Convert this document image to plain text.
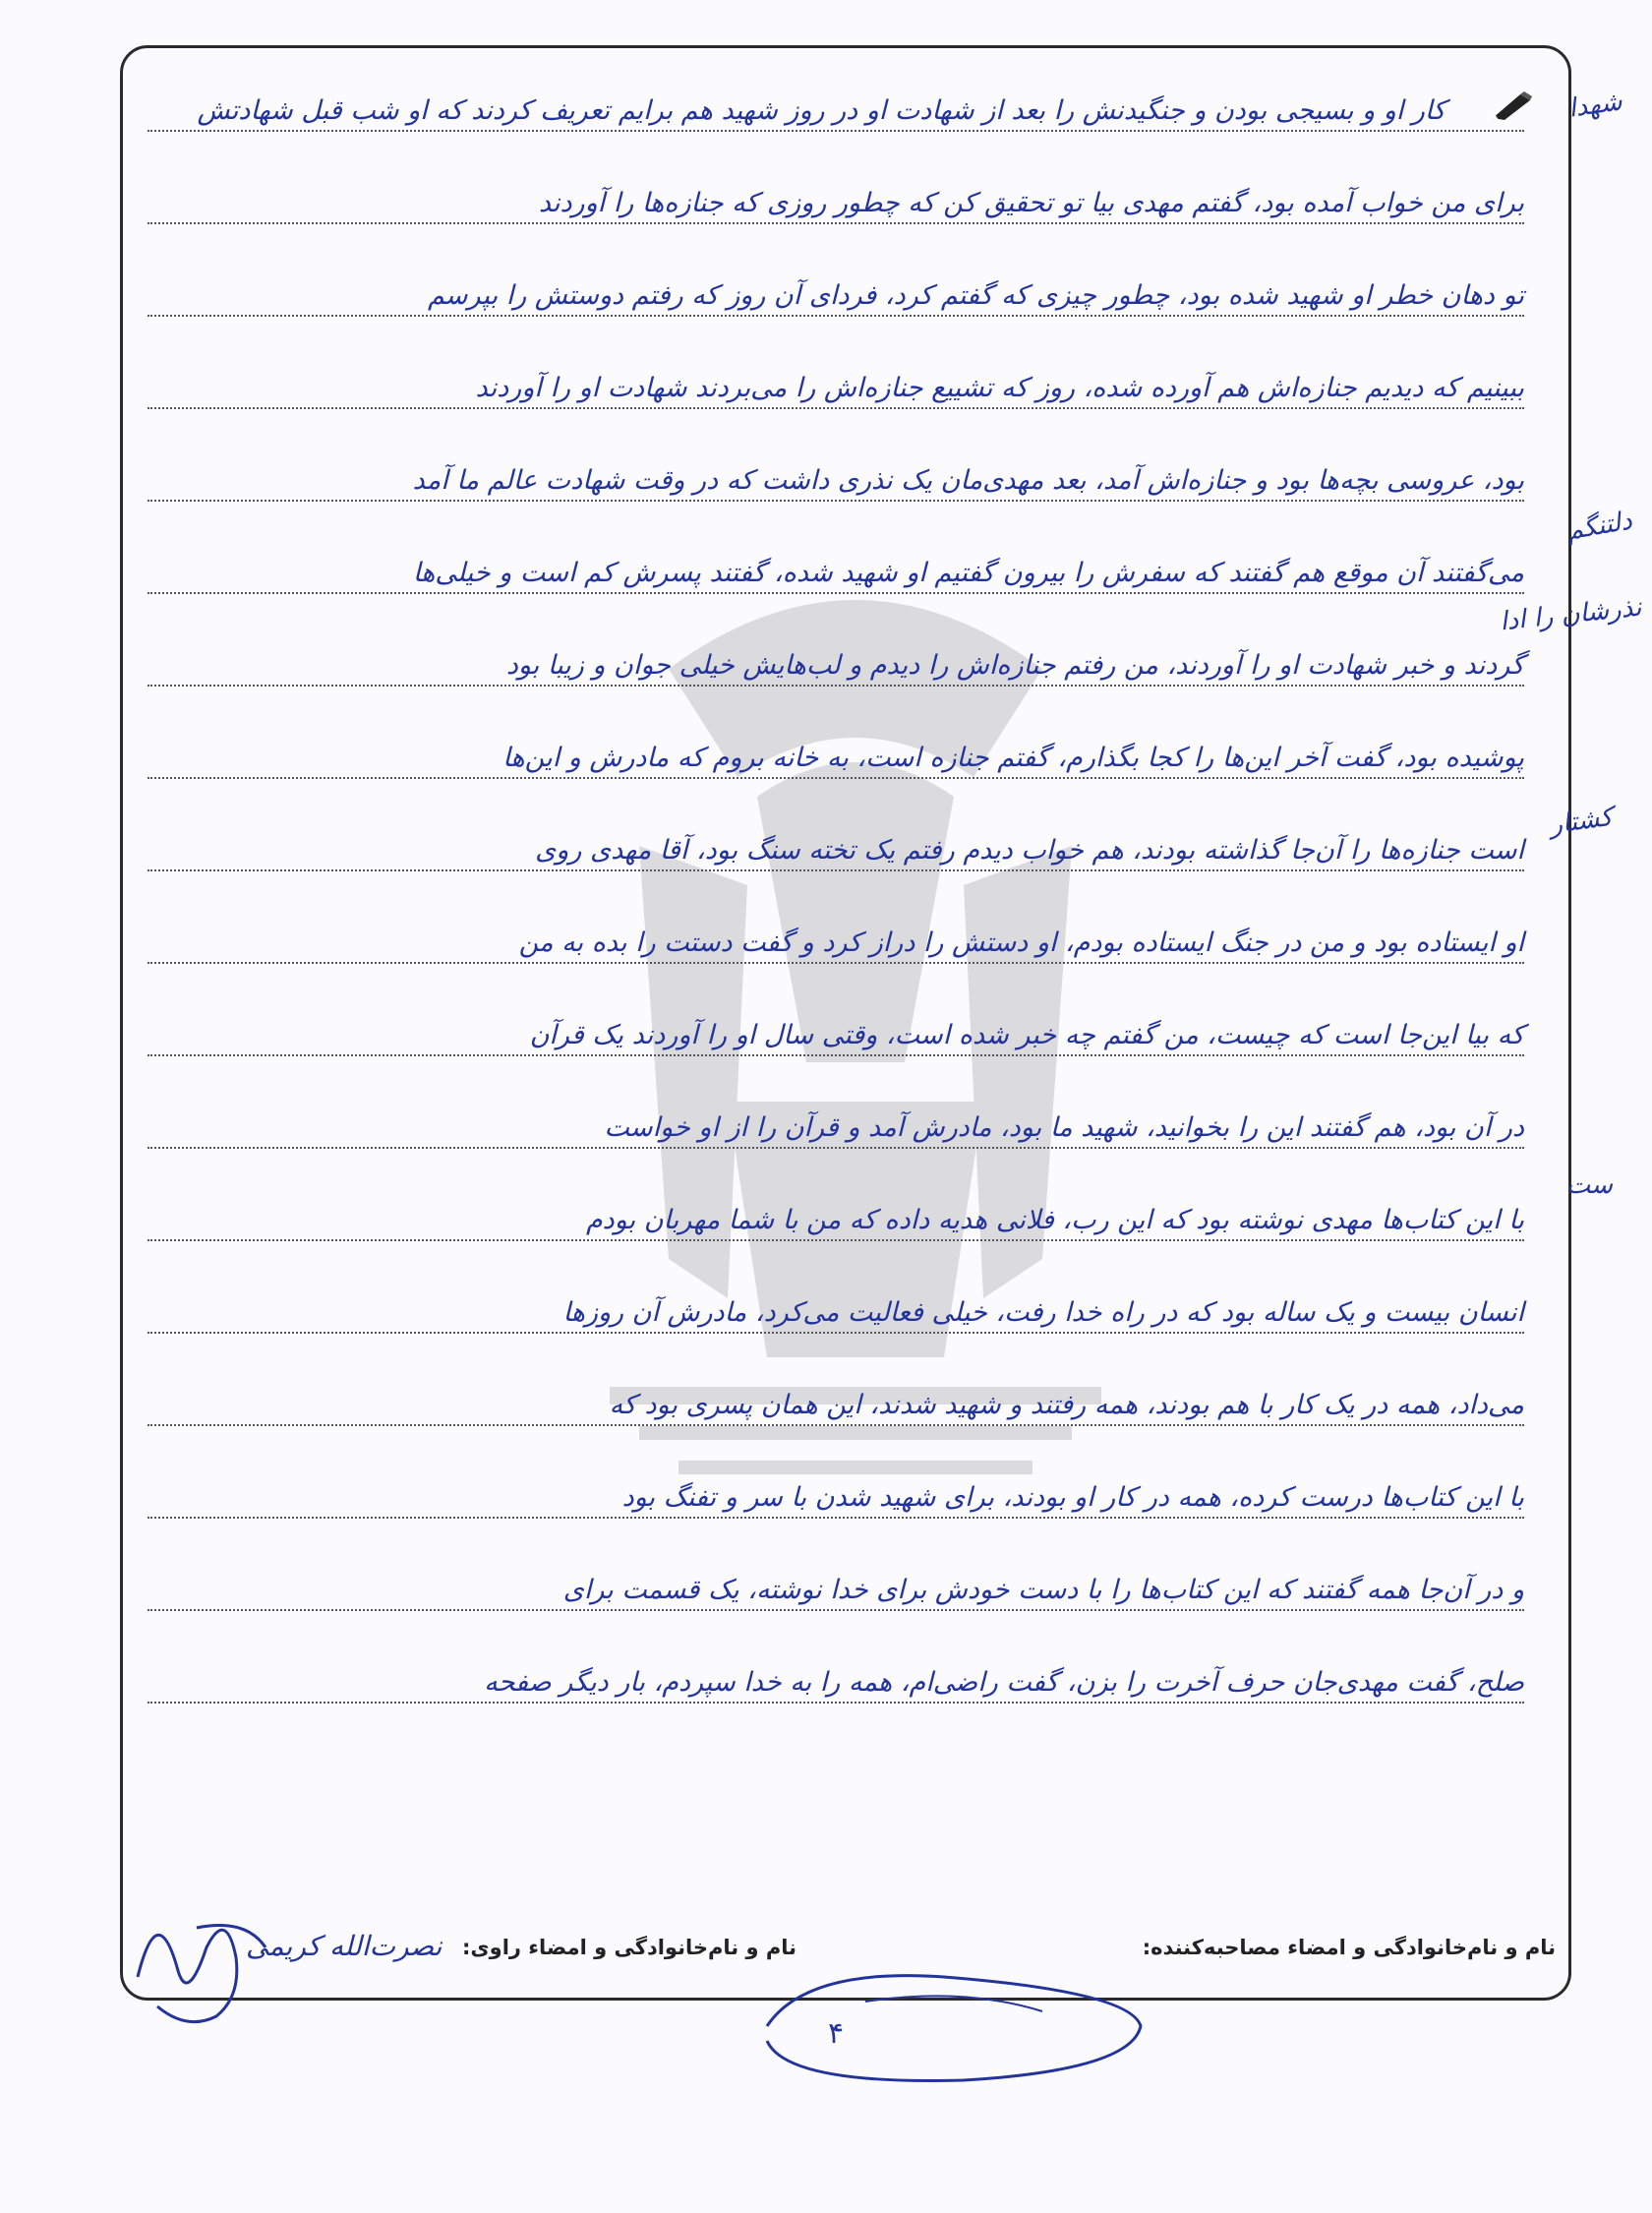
کار او و بسیجی بودن و جنگیدنش را بعد از شهادت او در روز شهید هم برایم تعریف کردند که او شب قبل شهادتش
برای من خواب آمده بود، گفتم مهدی بیا تو تحقیق کن که چطور روزی که جنازه‌ها را آوردند
تو دهان خطر او شهید شده بود، چطور چیزی که گفتم کرد، فردای آن روز که رفتم دوستش را بپرسم
ببینیم که دیدیم جنازه‌اش هم آورده شده، روز که تشییع جنازه‌اش را می‌بردند شهادت او را آوردند
بود، عروسی بچه‌ها بود و جنازه‌اش آمد، بعد مهدی‌مان یک نذری داشت که در وقت شهادت عالم ما آمد
می‌گفتند آن موقع هم گفتند که سفرش را بیرون گفتیم او شهید شده، گفتند پسرش کم است و خیلی‌ها
گردند و خبر شهادت او را آوردند، من رفتم جنازه‌اش را دیدم و لب‌هایش خیلی جوان و زیبا بود
پوشیده بود، گفت آخر این‌ها را کجا بگذارم، گفتم جنازه است، به خانه بروم که مادرش و این‌ها
است جنازه‌ها را آن‌جا گذاشته بودند، هم خواب دیدم رفتم یک تخته سنگ بود، آقا مهدی روی
او ایستاده بود و من در جنگ ایستاده بودم، او دستش را دراز کرد و گفت دستت را بده به من
که بیا این‌جا است که چیست، من گفتم چه خبر شده است، وقتی سال او را آوردند یک قرآن
در آن بود، هم گفتند این را بخوانید، شهید ما بود، مادرش آمد و قرآن را از او خواست
با این کتاب‌ها مهدی نوشته بود که این رب، فلانی هدیه داده که من با شما مهربان بودم
انسان بیست و یک ساله بود که در راه خدا رفت، خیلی فعالیت می‌کرد، مادرش آن روزها
می‌داد، همه در یک کار با هم بودند، همه رفتند و شهید شدند، این همان پسری بود که
با این کتاب‌ها درست کرده، همه در کار او بودند، برای شهید شدن با سر و تفنگ بود
و در آن‌جا همه گفتند که این کتاب‌ها را با دست خودش برای خدا نوشته، یک قسمت برای
صلح، گفت مهدی‌جان حرف آخرت را بزن، گفت راضی‌ام، همه را به خدا سپردم، بار دیگر صفحه
شهدا
دلتنگم
نذرشان را ادا
کشتار
ست
نام و نام‌خانوادگی و امضاء مصاحبه‌کننده:
نام و نام‌خانوادگی و امضاء راوی:
نصرت‌الله کریمی
۴
